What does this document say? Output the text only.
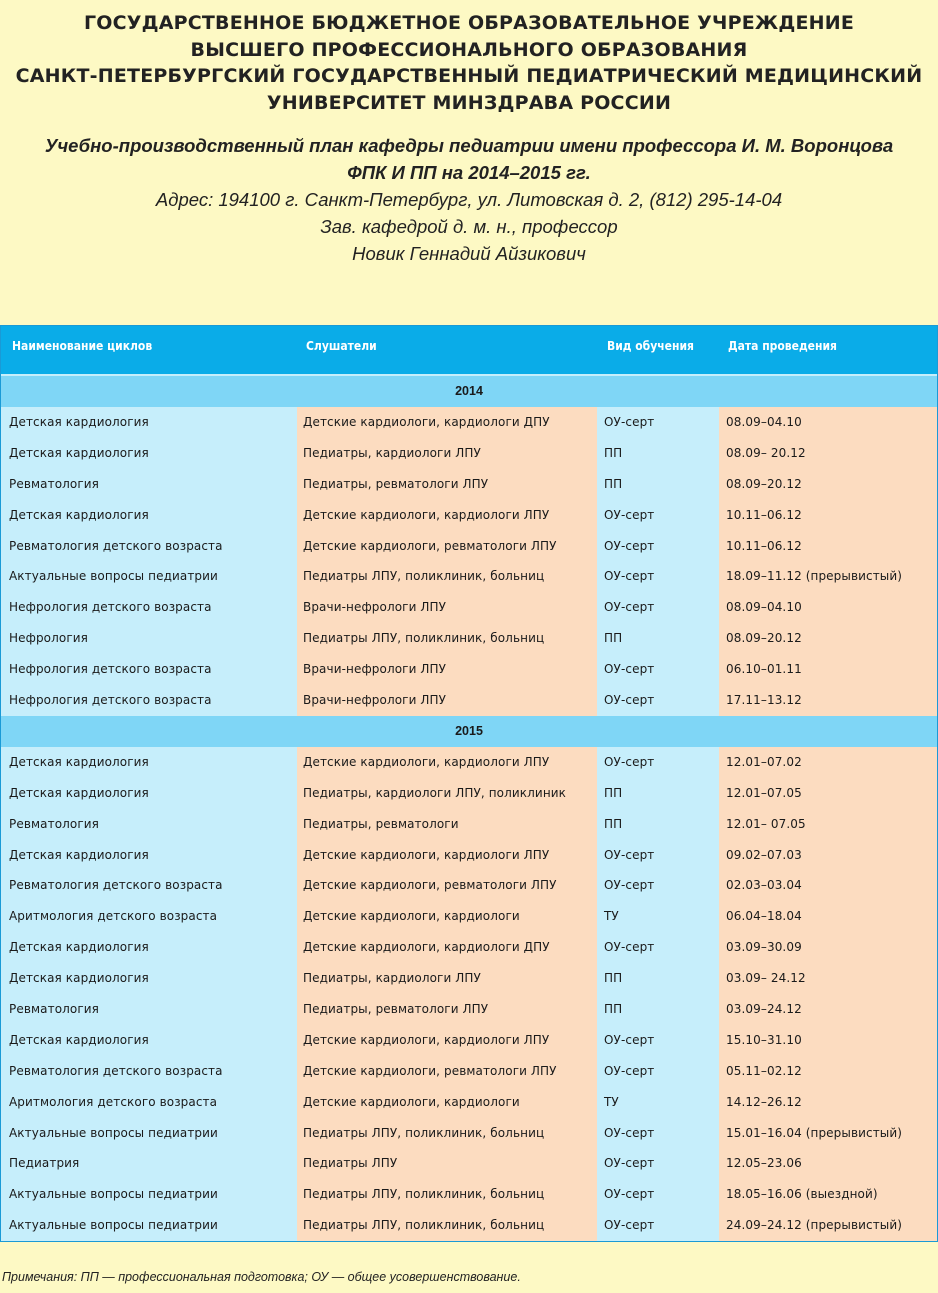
ГОСУДАРСТВЕННОЕ БЮДЖЕТНОЕ ОБРАЗОВАТЕЛЬНОЕ УЧРЕЖДЕНИЕ
ВЫСШЕГО ПРОФЕССИОНАЛЬНОГО ОБРАЗОВАНИЯ
САНКТ-ПЕТЕРБУРГСКИЙ ГОСУДАРСТВЕННЫЙ ПЕДИАТРИЧЕСКИЙ МЕДИЦИНСКИЙ
УНИВЕРСИТЕТ МИНЗДРАВА РОССИИ
Учебно-производственный план кафедры педиатрии имени профессора И. М. Воронцова
ФПК И ПП на 2014–2015 гг.
Адрес: 194100 г. Санкт-Петербург, ул. Литовская д. 2, (812) 295-14-04
Зав. кафедрой д. м. н., профессор
Новик Геннадий Айзикович
Наименование циклов	Слушатели	Вид обучения	Дата проведения
2014
Детская кардиология	Детские кардиологи, кардиологи ДПУ	ОУ-серт	08.09–04.10
Детская кардиология	Педиатры, кардиологи ЛПУ	ПП	08.09– 20.12
Ревматология	Педиатры, ревматологи ЛПУ	ПП	08.09–20.12
Детская кардиология	Детские кардиологи, кардиологи ЛПУ	ОУ-серт	10.11–06.12
Ревматология детского возраста	Детские кардиологи, ревматологи ЛПУ	ОУ-серт	10.11–06.12
Актуальные вопросы педиатрии	Педиатры ЛПУ, поликлиник, больниц	ОУ-серт	18.09–11.12 (прерывистый)
Нефрология детского возраста	Врачи-нефрологи ЛПУ	ОУ-серт	08.09–04.10
Нефрология	Педиатры ЛПУ, поликлиник, больниц	ПП	08.09–20.12
Нефрология детского возраста	Врачи-нефрологи ЛПУ	ОУ-серт	06.10–01.11
Нефрология детского возраста	Врачи-нефрологи ЛПУ	ОУ-серт	17.11–13.12
2015
Детская кардиология	Детские кардиологи, кардиологи ЛПУ	ОУ-серт	12.01–07.02
Детская кардиология	Педиатры, кардиологи ЛПУ, поликлиник	ПП	12.01–07.05
Ревматология	Педиатры, ревматологи	ПП	12.01– 07.05
Детская кардиология	Детские кардиологи, кардиологи ЛПУ	ОУ-серт	09.02–07.03
Ревматология детского возраста	Детские кардиологи, ревматологи ЛПУ	ОУ-серт	02.03–03.04
Аритмология детского возраста	Детские кардиологи, кардиологи	ТУ	06.04–18.04
Детская кардиология	Детские кардиологи, кардиологи ДПУ	ОУ-серт	03.09–30.09
Детская кардиология	Педиатры, кардиологи ЛПУ	ПП	03.09– 24.12
Ревматология	Педиатры, ревматологи ЛПУ	ПП	03.09–24.12
Детская кардиология	Детские кардиологи, кардиологи ЛПУ	ОУ-серт	15.10–31.10
Ревматология детского возраста	Детские кардиологи, ревматологи ЛПУ	ОУ-серт	05.11–02.12
Аритмология детского возраста	Детские кардиологи, кардиологи	ТУ	14.12–26.12
Актуальные вопросы педиатрии	Педиатры ЛПУ, поликлиник, больниц	ОУ-серт	15.01–16.04 (прерывистый)
Педиатрия	Педиатры ЛПУ	ОУ-серт	12.05–23.06
Актуальные вопросы педиатрии	Педиатры ЛПУ, поликлиник, больниц	ОУ-серт	18.05–16.06 (выездной)
Актуальные вопросы педиатрии	Педиатры ЛПУ, поликлиник, больниц	ОУ-серт	24.09–24.12 (прерывистый)
Примечания: ПП — профессиональная подготовка; ОУ — общее усовершенствование.
